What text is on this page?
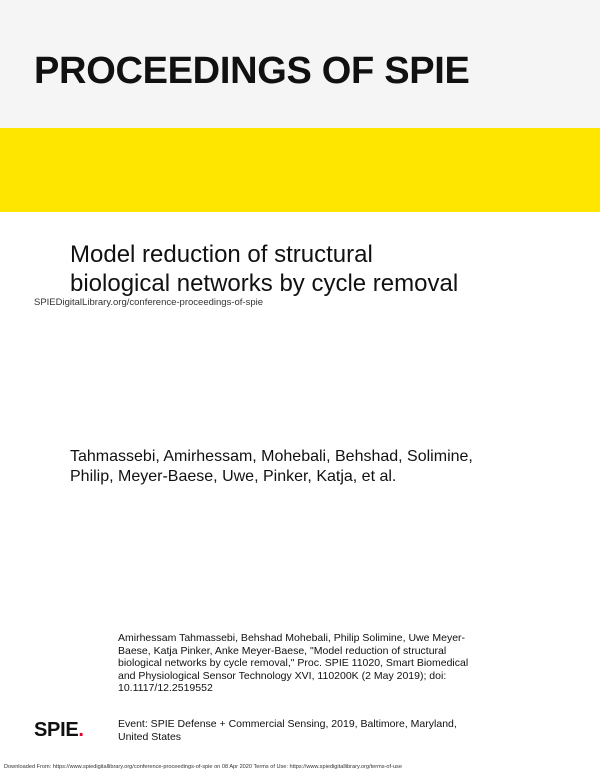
PROCEEDINGS OF SPIE
SPIEDigitalLibrary.org/conference-proceedings-of-spie
Model reduction of structural
biological networks by cycle removal

Tahmassebi, Amirhessam, Mohebali, Behshad, Solimine,
Philip, Meyer-Baese, Uwe, Pinker, Katja, et al.

Amirhessam Tahmassebi, Behshad Mohebali, Philip Solimine, Uwe Meyer-
Baese, Katja Pinker, Anke Meyer-Baese, "Model reduction of structural
biological networks by cycle removal," Proc. SPIE 11020, Smart Biomedical
and Physiological Sensor Technology XVI, 110200K (2 May 2019); doi:
10.1117/12.2519552
Event: SPIE Defense + Commercial Sensing, 2019, Baltimore, Maryland,
United States
SPIE.
Downloaded From: https://www.spiedigitallibrary.org/conference-proceedings-of-spie on 08 Apr 2020 Terms of Use: https://www.spiedigitallibrary.org/terms-of-use
